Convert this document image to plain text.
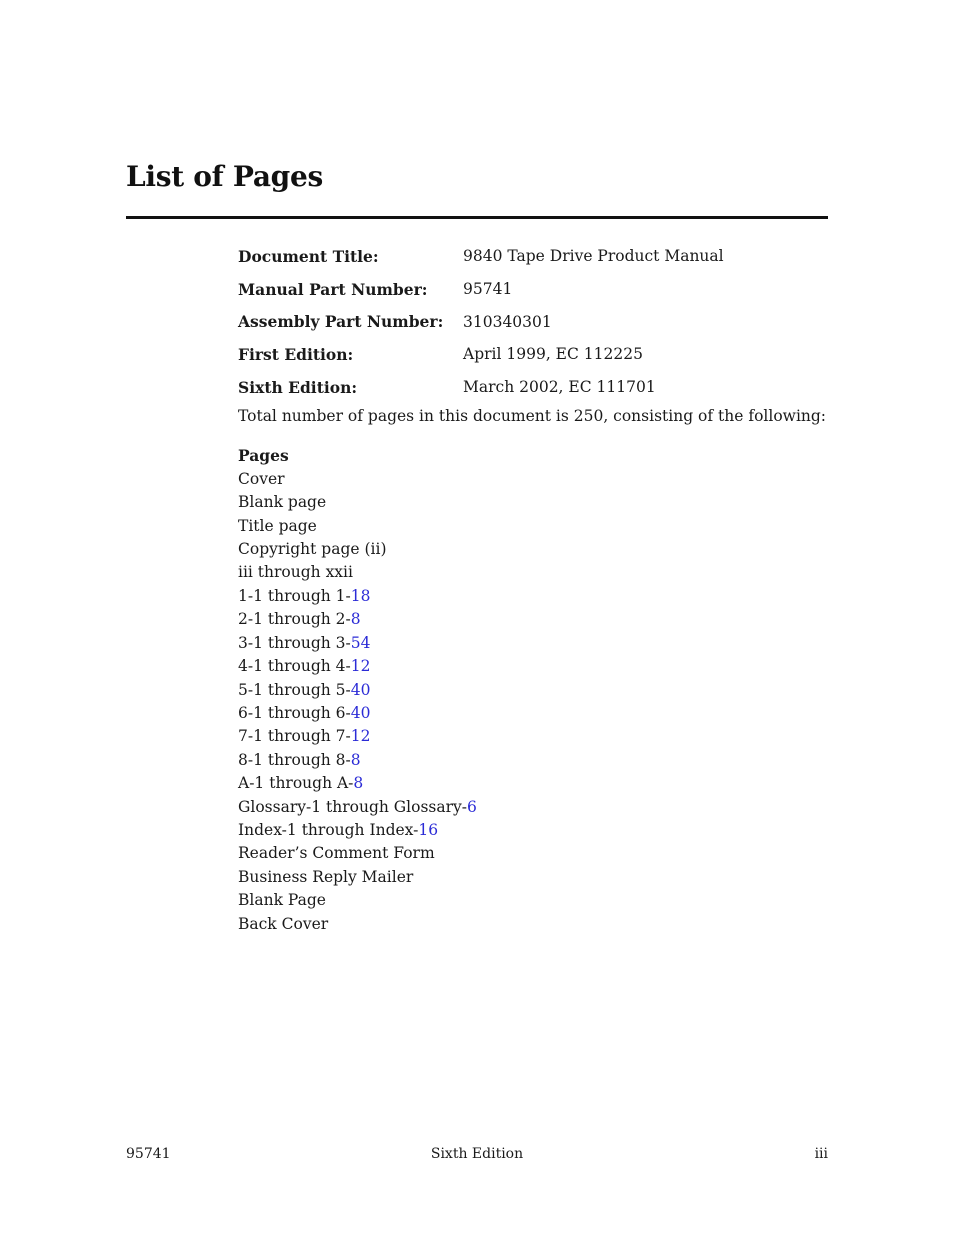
List of Pages
Document Title:	9840 Tape Drive Product Manual
Manual Part Number:	95741
Assembly Part Number:	310340301
First Edition:	April 1999, EC 112225
Sixth Edition:	March 2002, EC 111701
Total number of pages in this document is 250, consisting of the following:
Pages
Cover
Blank page
Title page
Copyright page (ii)
iii through xxii
1-1 through 1-18
2-1 through 2-8
3-1 through 3-54
4-1 through 4-12
5-1 through 5-40
6-1 through 6-40
7-1 through 7-12
8-1 through 8-8
A-1 through A-8
Glossary-1 through Glossary-6
Index-1 through Index-16
Reader’s Comment Form
Business Reply Mailer
Blank Page
Back Cover
95741	Sixth Edition	iii
